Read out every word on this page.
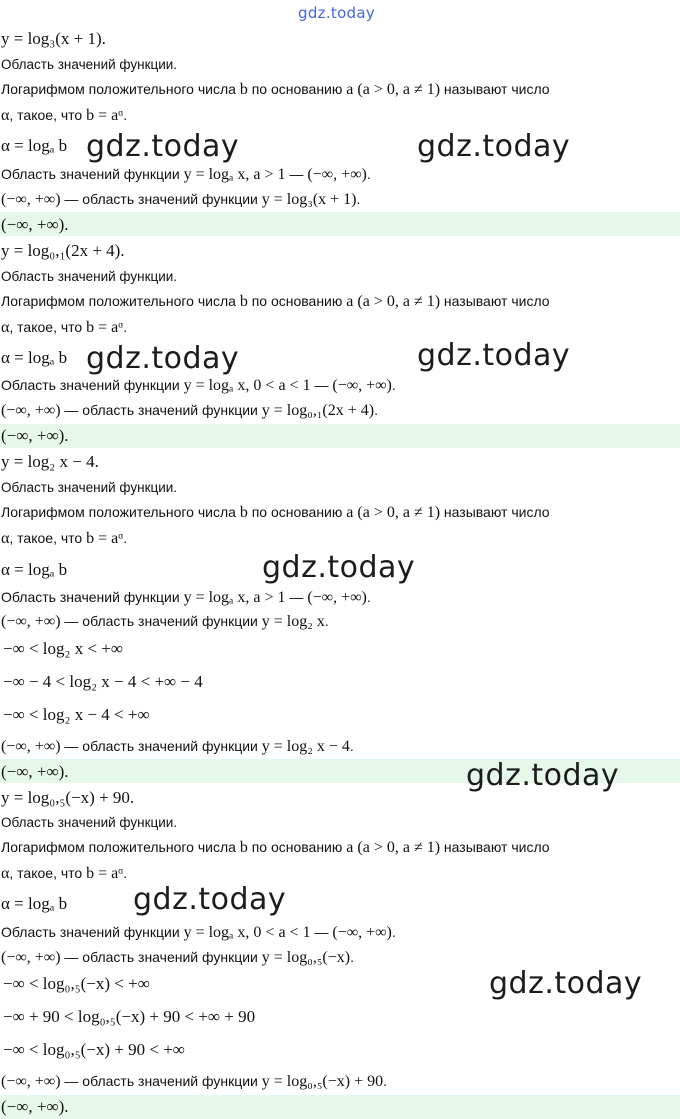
gdz.today
y = log₃(x + 1).
Область значений функции.
Логарифмом положительного числа b по основанию a (a > 0, a ≠ 1) называют число
α, такое, что b = aᵅ.
α = logₐ b
Область значений функции y = logₐ x, a > 1 — (−∞, +∞).
(−∞, +∞) — область значений функции y = log₃(x + 1).
(−∞, +∞).
y = log₀,₁(2x + 4).
Область значений функции.
Логарифмом положительного числа b по основанию a (a > 0, a ≠ 1) называют число
α, такое, что b = aᵅ.
α = logₐ b
Область значений функции y = logₐ x, 0 < a < 1 — (−∞, +∞).
(−∞, +∞) — область значений функции y = log₀,₁(2x + 4).
(−∞, +∞).
y = log₂ x − 4.
Область значений функции.
Логарифмом положительного числа b по основанию a (a > 0, a ≠ 1) называют число
α, такое, что b = aᵅ.
α = logₐ b
Область значений функции y = logₐ x, a > 1 — (−∞, +∞).
(−∞, +∞) — область значений функции y = log₂ x.
−∞ < log₂ x < +∞
−∞ − 4 < log₂ x − 4 < +∞ − 4
−∞ < log₂ x − 4 < +∞
(−∞, +∞) — область значений функции y = log₂ x − 4.
(−∞, +∞).
y = log₀,₅(−x) + 90.
Область значений функции.
Логарифмом положительного числа b по основанию a (a > 0, a ≠ 1) называют число
α, такое, что b = aᵅ.
α = logₐ b
Область значений функции y = logₐ x, 0 < a < 1 — (−∞, +∞).
(−∞, +∞) — область значений функции y = log₀,₅(−x).
−∞ < log₀,₅(−x) < +∞
−∞ + 90 < log₀,₅(−x) + 90 < +∞ + 90
−∞ < log₀,₅(−x) + 90 < +∞
(−∞, +∞) — область значений функции y = log₀,₅(−x) + 90.
(−∞, +∞).
gdz.today	gdz.today
gdz.today	gdz.today
gdz.today
gdz.today
gdz.today
gdz.today
